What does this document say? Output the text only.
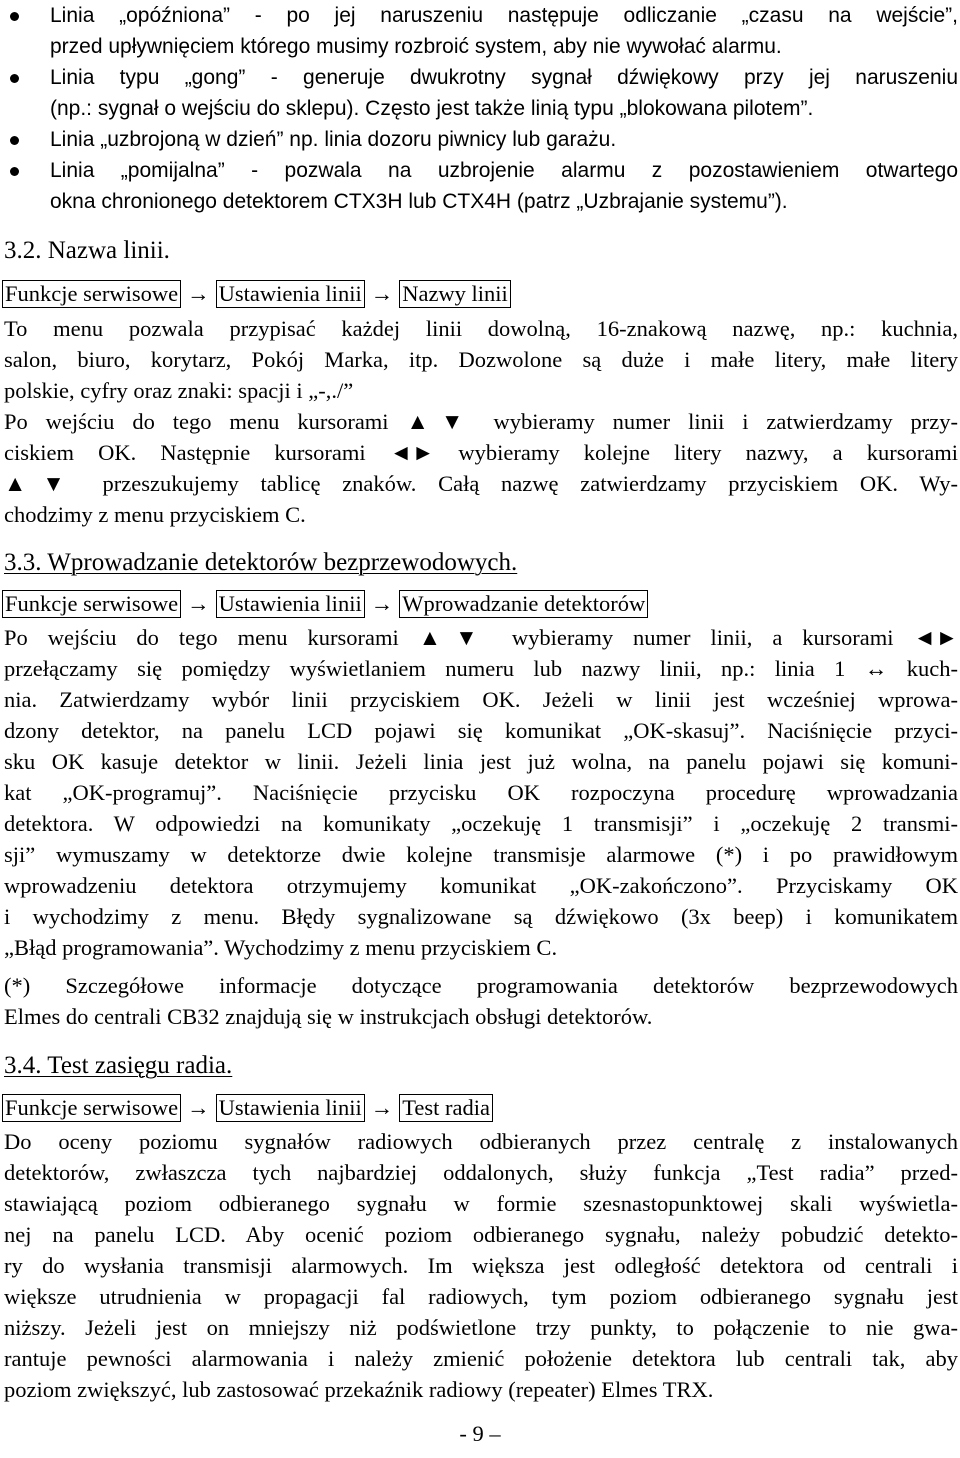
Linia „opóźniona” - po jej naruszeniu następuje odliczanie „czasu na wejście”,
przed upływnięciem którego musimy rozbroić system, aby nie wywołać alarmu.
Linia typu „gong” - generuje dwukrotny sygnał dźwiękowy przy jej naruszeniu
(np.: sygnał o wejściu do sklepu). Często jest także linią typu „blokowana pilotem”.
Linia „uzbrojoną w dzień” np. linia dozoru piwnicy lub garażu.
Linia „pomijalna” - pozwala na uzbrojenie alarmu z pozostawieniem otwartego
okna chronionego detektorem CTX3H lub CTX4H (patrz „Uzbrajanie systemu”).
3.2. Nazwa linii.
Funkcje serwisowe → Ustawienia linii → Nazwy linii
To menu pozwala przypisać każdej linii dowolną, 16-znakową nazwę, np.: kuchnia,
salon, biuro, korytarz, Pokój Marka, itp. Dozwolone są duże i małe litery, małe litery
polskie, cyfry oraz znaki: spacji i „-,./”
Po wejściu do tego menu kursorami ▲▼ wybieramy numer linii i zatwierdzamy przy-
ciskiem OK. Następnie kursorami ◄► wybieramy kolejne litery nazwy, a kursorami
▲▼ przeszukujemy tablicę znaków. Całą nazwę zatwierdzamy przyciskiem OK. Wy-
chodzimy z menu przyciskiem C.
3.3. Wprowadzanie detektorów bezprzewodowych.
Funkcje serwisowe → Ustawienia linii → Wprowadzanie detektorów
Po wejściu do tego menu kursorami ▲▼ wybieramy numer linii, a kursorami ◄►
przełączamy się pomiędzy wyświetlaniem numeru lub nazwy linii, np.: linia 1 ↔ kuch-
nia. Zatwierdzamy wybór linii przyciskiem OK. Jeżeli w linii jest wcześniej wprowa-
dzony detektor, na panelu LCD pojawi się komunikat „OK-skasuj”. Naciśnięcie przyci-
sku OK kasuje detektor w linii. Jeżeli linia jest już wolna, na panelu pojawi się komuni-
kat „OK-programuj”. Naciśnięcie przycisku OK rozpoczyna procedurę wprowadzania
detektora. W odpowiedzi na komunikaty „oczekuję 1 transmisji” i „oczekuję 2 transmi-
sji” wymuszamy w detektorze dwie kolejne transmisje alarmowe (*) i po prawidłowym
wprowadzeniu detektora otrzymujemy komunikat „OK-zakończono”. Przyciskamy OK
i wychodzimy z menu. Błędy sygnalizowane są dźwiękowo (3x beep) i komunikatem
„Błąd programowania”. Wychodzimy z menu przyciskiem C.
(*) Szczegółowe informacje dotyczące programowania detektorów bezprzewodowych
Elmes do centrali CB32 znajdują się w instrukcjach obsługi detektorów.
3.4. Test zasięgu radia.
Funkcje serwisowe → Ustawienia linii → Test radia
Do oceny poziomu sygnałów radiowych odbieranych przez centralę z instalowanych
detektorów, zwłaszcza tych najbardziej oddalonych, służy funkcja „Test radia” przed-
stawiającą poziom odbieranego sygnału w formie szesnastopunktowej skali wyświetla-
nej na panelu LCD. Aby ocenić poziom odbieranego sygnału, należy pobudzić detekto-
ry do wysłania transmisji alarmowych. Im większa jest odległość detektora od centrali i
większe utrudnienia w propagacji fal radiowych, tym poziom odbieranego sygnału jest
niższy. Jeżeli jest on mniejszy niż podświetlone trzy punkty, to połączenie to nie gwa-
rantuje pewności alarmowania i należy zmienić położenie detektora lub centrali tak, aby
poziom zwiększyć, lub zastosować przekaźnik radiowy (repeater) Elmes TRX.
- 9 –
